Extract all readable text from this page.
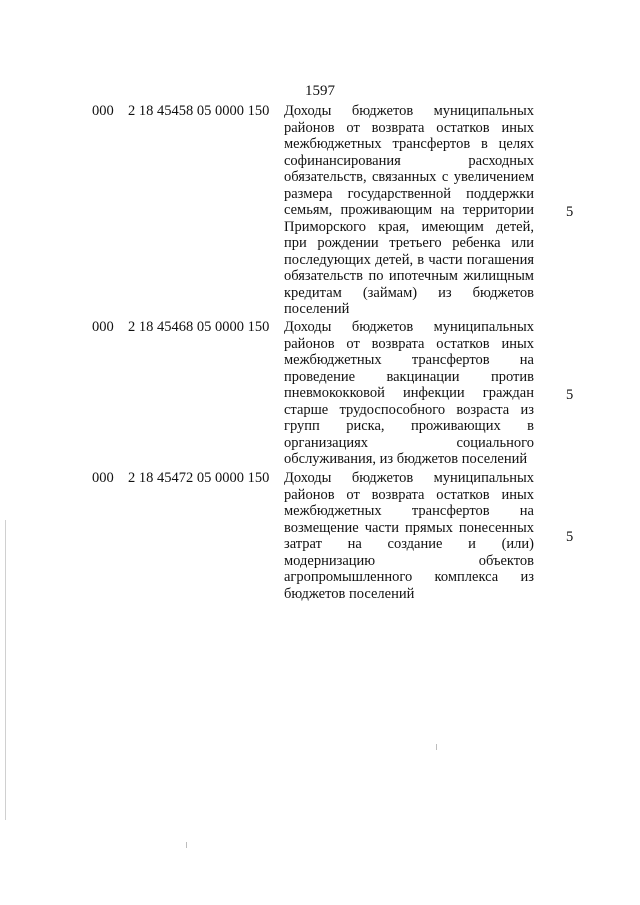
1597
000 2 18 45458 05 0000 150 Доходы бюджетов муниципальных районов от возврата остатков иных межбюджетных трансфертов в целях софинансирования расходных обязательств, связанных с увеличением размера государственной поддержки семьям, проживающим на территории Приморского края, имеющим детей, при рождении третьего ребенка или последующих детей, в части погашения обязательств по ипотечным жилищным кредитам (займам) из бюджетов поселений
5
000 2 18 45468 05 0000 150 Доходы бюджетов муниципальных районов от возврата остатков иных межбюджетных трансфертов на проведение вакцинации против пневмококковой инфекции граждан старше трудоспособного возраста из групп риска, проживающих в организациях социального обслуживания, из бюджетов поселений
5
000 2 18 45472 05 0000 150 Доходы бюджетов муниципальных районов от возврата остатков иных межбюджетных трансфертов на возмещение части прямых понесенных затрат на создание и (или) модернизацию объектов агропромышленного комплекса из бюджетов поселений
5
